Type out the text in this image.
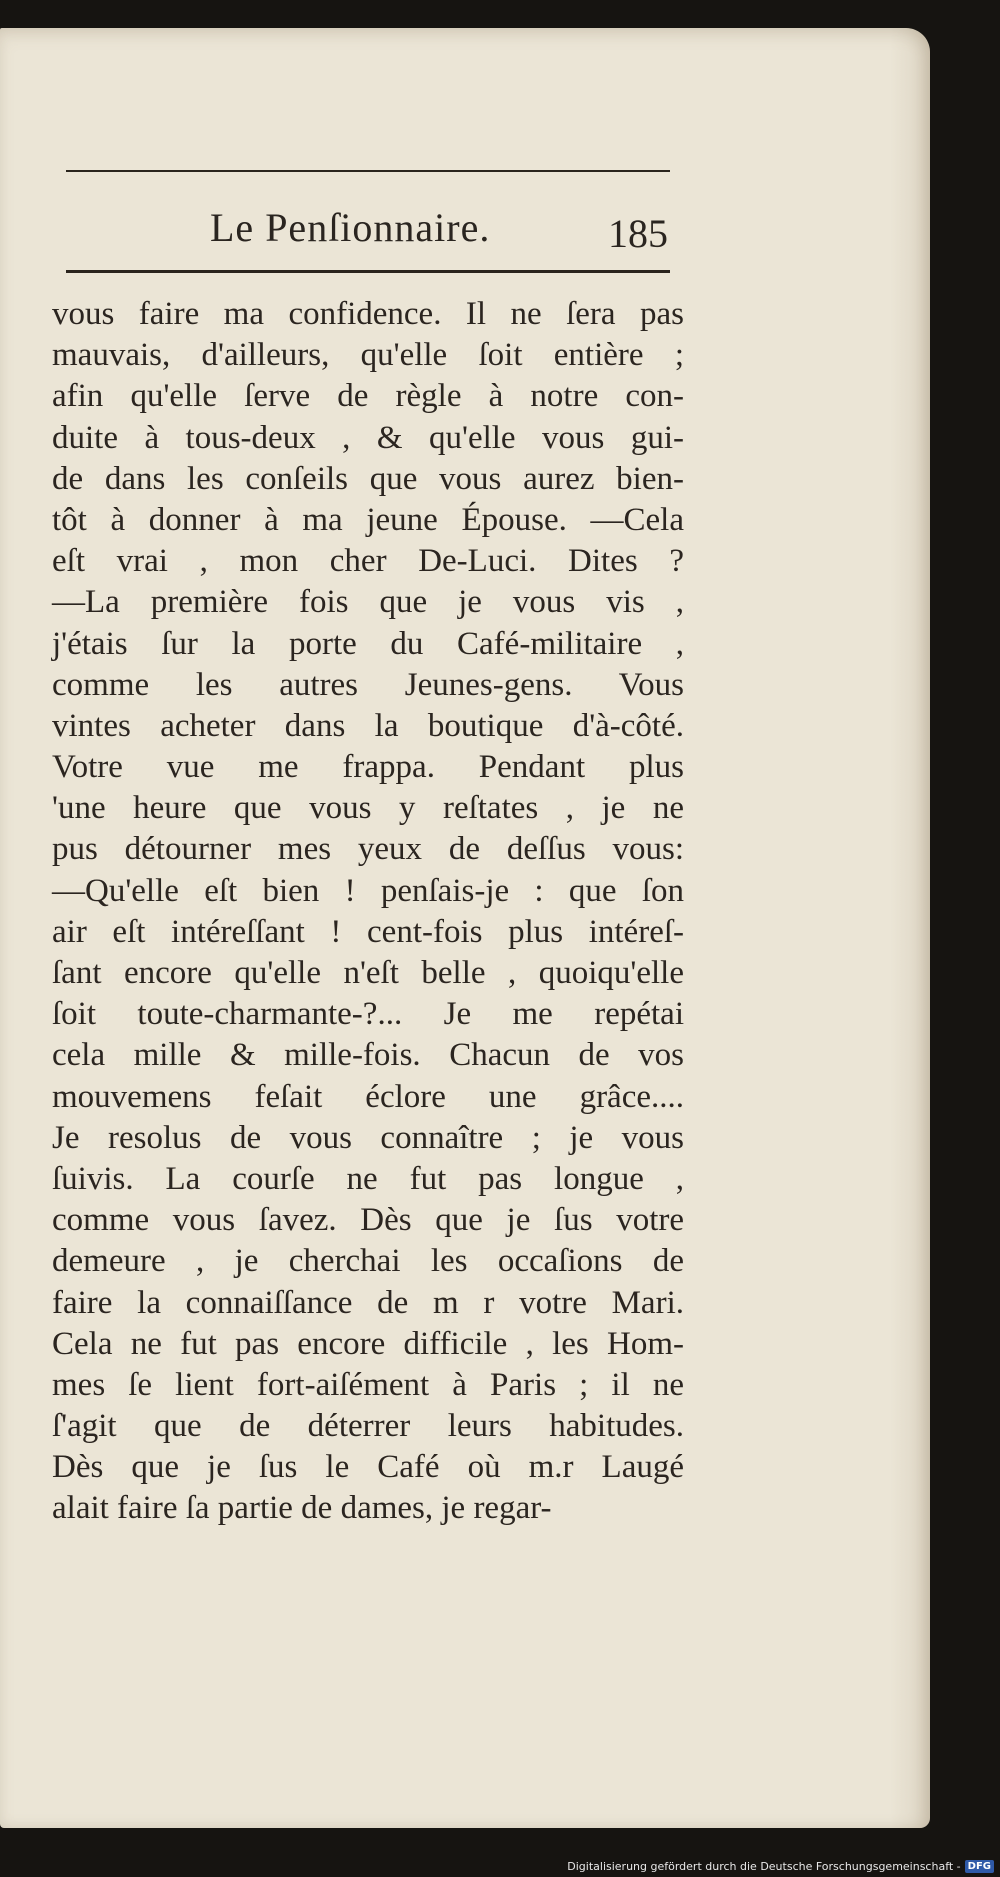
Le Penſionnaire.	185
vous faire ma confidence. Il ne ſera pas
mauvais, d'ailleurs, qu'elle ſoit entière ;
afin qu'elle ſerve de règle à notre con-
duite à tous-deux , & qu'elle vous gui-
de dans les conſeils que vous aurez bien-
tôt à donner à ma jeune Épouse. —Cela
eſt vrai , mon cher De-Luci. Dites ?
—La première fois que je vous vis ,
j'étais ſur la porte du Café-militaire ,
comme les autres Jeunes-gens. Vous
vintes acheter dans la boutique d'à-côté.
Votre vue me frappa. Pendant plus
'une heure que vous y reſtates , je ne
pus détourner mes yeux de deſſus vous:
—Qu'elle eſt bien ! penſais-je : que ſon
air eſt intéreſſant ! cent-fois plus intéreſ-
ſant encore qu'elle n'eſt belle , quoiqu'elle
ſoit toute-charmante-?... Je me repétai
cela mille & mille-fois. Chacun de vos
mouvemens feſait éclore une grâce....
Je resolus de vous connaître ; je vous
ſuivis. La courſe ne fut pas longue ,
comme vous ſavez. Dès que je ſus votre
demeure , je cherchai les occaſions de
faire la connaiſſance de m r votre Mari.
Cela ne fut pas encore difficile , les Hom-
mes ſe lient fort-aiſément à Paris ; il ne
ſ'agit que de déterrer leurs habitudes.
Dès que je ſus le Café où m.r Laugé
alait faire ſa partie de dames, je regar-
Digitalisierung gefördert durch die Deutsche Forschungsgemeinschaft - DFG
